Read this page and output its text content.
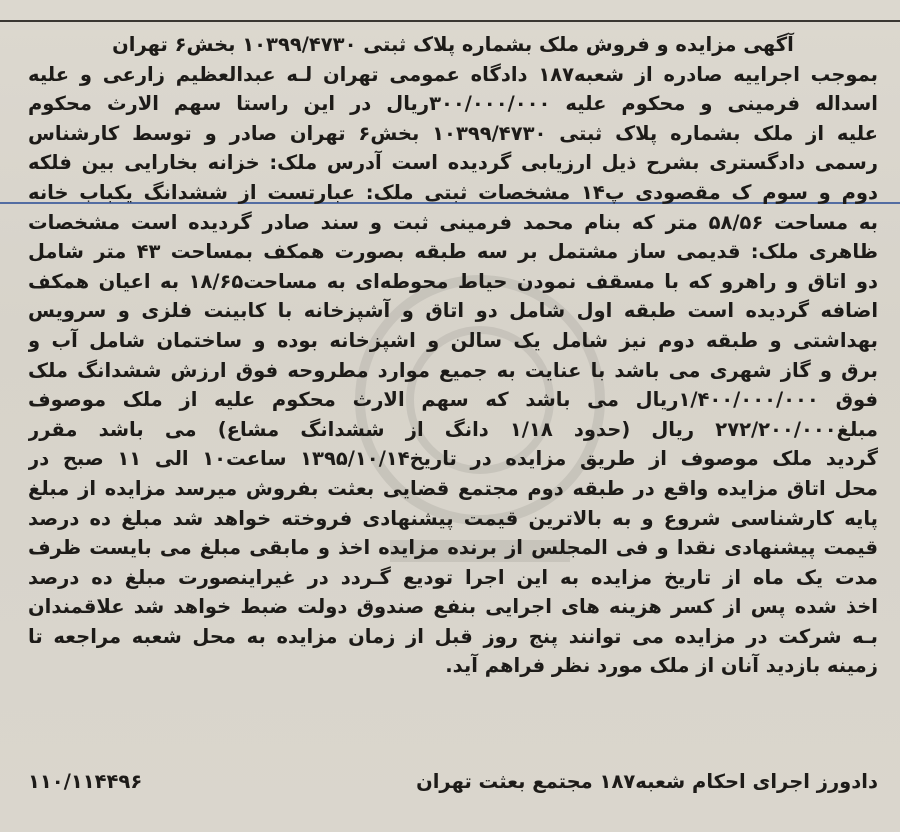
آگهی مزایده و فروش ملک بشماره پلاک ثبتی ۱۰۳۹۹/۴۷۳۰ بخش۶ تهران
بموجب اجراییه صادره از شعبه۱۸۷ دادگاه عمومی تهران لـه عبدالعظیم زارعی و علیه
اسداله فرمینی و محکوم علیه ۳۰۰/۰۰۰/۰۰۰ریال در این راستا سهم الارث محکوم
علیه از ملک بشماره پلاک ثبتی ۱۰۳۹۹/۴۷۳۰ بخش۶ تهران صادر و توسط کارشناس
رسمی دادگستری بشرح ذیل ارزیابی گردیده است آدرس ملک: خزانه بخارایی بین فلکه
دوم و سوم ک مقصودی پ۱۴ مشخصات ثبتی ملک: عبارتست از ششدانگ یکباب خانه
به مساحت ۵۸/۵۶ متر که بنام محمد فرمینی ثبت و سند صادر گردیده است مشخصات
ظاهری ملک: قدیمی ساز مشتمل بر سه طبقه بصورت همکف بمساحت ۴۳ متر شامل
دو اتاق و راهرو که با مسقف نمودن حیاط محوطه‌ای به مساحت۱۸/۶۵ به اعیان همکف
اضافه گردیده است طبقه اول شامل دو اتاق و آشپزخانه با کابینت فلزی و سرویس
بهداشتی و طبقه دوم نیز شامل یک سالن و اشپزخانه بوده و ساختمان شامل آب و
برق و گاز شهری می باشد با عنایت به جمیع موارد مطروحه فوق ارزش ششدانگ ملک
فوق ۱/۴۰۰/۰۰۰/۰۰۰ریال می باشد که سهم الارث محکوم علیه از ملک موصوف
مبلغ۲۷۲/۲۰۰/۰۰۰ ریال (حدود ۱/۱۸ دانگ از ششدانگ مشاع) می باشد مقرر
گردید ملک موصوف از طریق مزایده در تاریخ۱۳۹۵/۱۰/۱۴ ساعت۱۰ الی ۱۱ صبح در
محل اتاق مزایده واقع در طبقه دوم مجتمع قضایی بعثت بفروش میرسد مزایده از مبلغ
پایه کارشناسی شروع و به بالاترین قیمت پیشنهادی فروخته خواهد شد مبلغ ده درصد
قیمت پیشنهادی نقدا و فی المجلس از برنده مزایده اخذ و مابقی مبلغ می بایست ظرف
مدت یک ماه از تاریخ مزایده به این اجرا تودیع گـردد در غیراینصورت مبلغ ده درصد
اخذ شده پس از کسر هزینه های اجرایی بنفع صندوق دولت ضبط خواهد شد علاقمندان
بـه شرکت در مزایده می توانند پنج روز قبل از زمان مزایده به محل شعبه مراجعه تا
زمینه بازدید آنان از ملک مورد نظر فراهم آید.
دادورز اجرای احکام شعبه۱۸۷ مجتمع بعثت تهران
۱۱۰/۱۱۴۴۹۶
